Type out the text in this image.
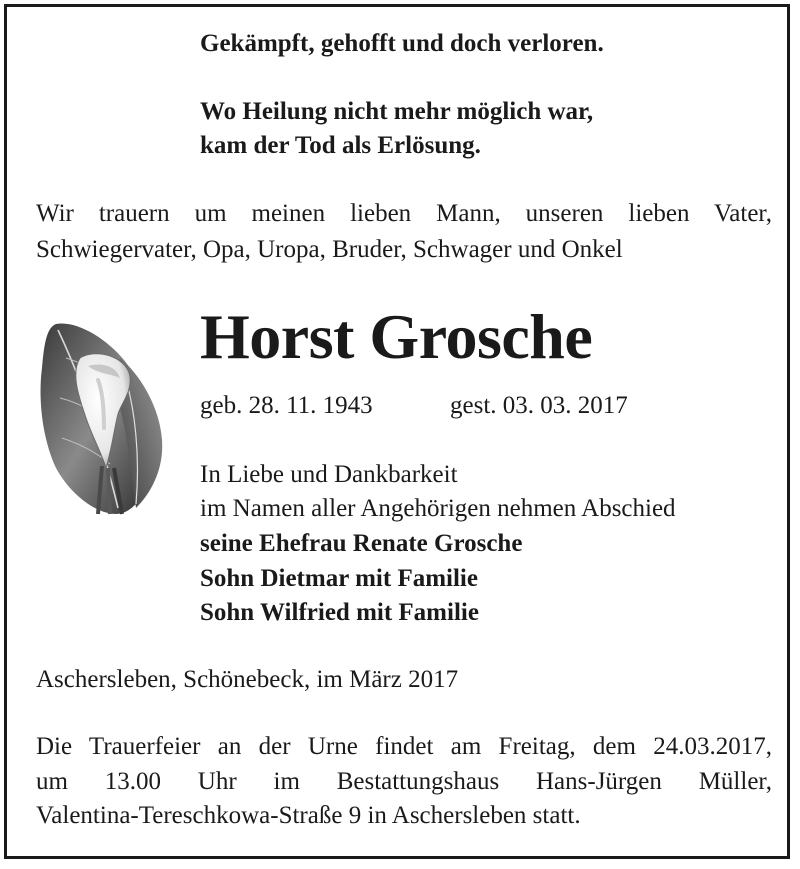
Gekämpft, gehofft und doch verloren.
Wo Heilung nicht mehr möglich war,
kam der Tod als Erlösung.
Wir trauern um meinen lieben Mann, unseren lieben Vater,
Schwiegervater, Opa, Uropa, Bruder, Schwager und Onkel
Horst Grosche
geb. 28. 11. 1943	gest. 03. 03. 2017
In Liebe und Dankbarkeit
im Namen aller Angehörigen nehmen Abschied
seine Ehefrau Renate Grosche
Sohn Dietmar mit Familie
Sohn Wilfried mit Familie
Aschersleben, Schönebeck, im März 2017
Die Trauerfeier an der Urne findet am Freitag, dem 24.03.2017,
um 13.00 Uhr im Bestattungshaus Hans-Jürgen Müller,
Valentina-Tereschkowa-Straße 9 in Aschersleben statt.
